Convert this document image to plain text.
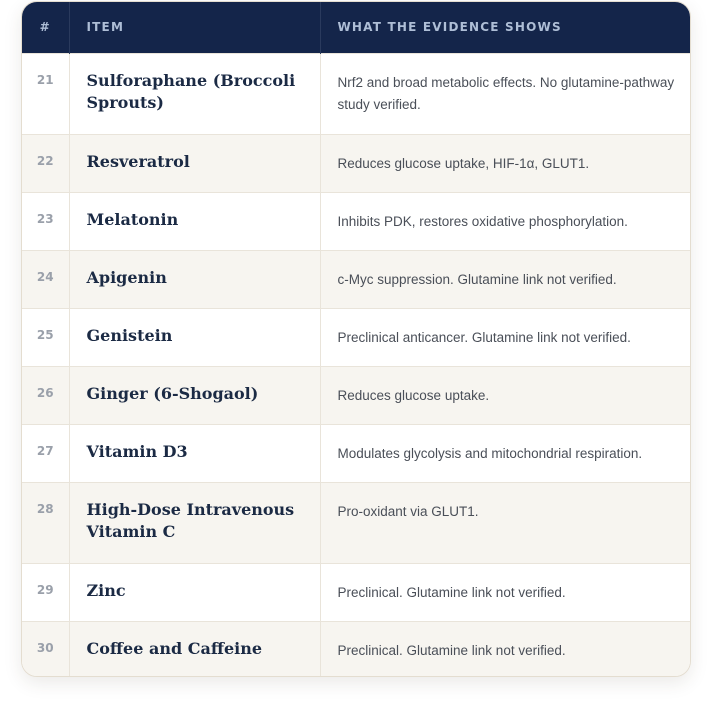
#	ITEM	WHAT THE EVIDENCE SHOWS
21	Sulforaphane (Broccoli Sprouts)	Nrf2 and broad metabolic effects. No glutamine-pathway study verified.
22	Resveratrol	Reduces glucose uptake, HIF-1α, GLUT1.
23	Melatonin	Inhibits PDK, restores oxidative phosphorylation.
24	Apigenin	c-Myc suppression. Glutamine link not verified.
25	Genistein	Preclinical anticancer. Glutamine link not verified.
26	Ginger (6-Shogaol)	Reduces glucose uptake.
27	Vitamin D3	Modulates glycolysis and mitochondrial respiration.
28	High-Dose Intravenous Vitamin C	Pro-oxidant via GLUT1.
29	Zinc	Preclinical. Glutamine link not verified.
30	Coffee and Caffeine	Preclinical. Glutamine link not verified.
